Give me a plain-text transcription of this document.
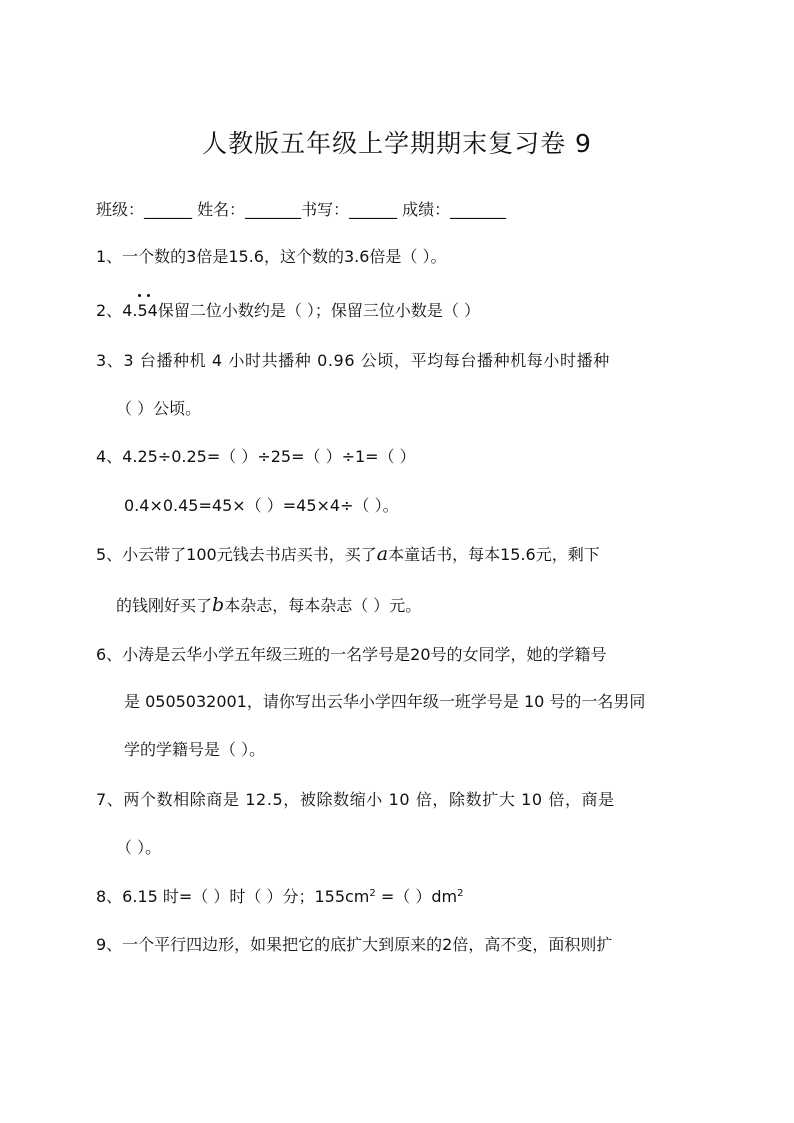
人教版五年级上学期期末复习卷 9
班级：______ 姓名：_______书写：______ 成绩：_______
1、一个数的3倍是15.6，这个数的3.6倍是（ ）。
2、4.
54保留二位小数约是（ ）；保留三位小数是（ ）
3、3 台播种机 4 小时共播种 0.96 公顷，平均每台播种机每小时播种
（ ）公顷。
4、4.25÷0.25=（ ）÷25=（ ）÷1=（ ）
0.4×0.45=45×（ ）=45×4÷（ ）。
5、小云带了100元钱去书店买书，买了a本童话书，每本15.6元，剩下
的钱刚好买了b本杂志，每本杂志（ ）元。
6、小涛是云华小学五年级三班的一名学号是20号的女同学，她的学籍号
是 0505032001，请你写出云华小学四年级一班学号是 10 号的一名男同
学的学籍号是（ ）。
7、两个数相除商是 12.5，被除数缩小 10 倍，除数扩大 10 倍，商是
（ ）。
8、6.15 时=（ ）时（ ）分；$155cm^2$ =（ ）$dm^2$
9、一个平行四边形，如果把它的底扩大到原来的2倍，高不变，面积则扩
